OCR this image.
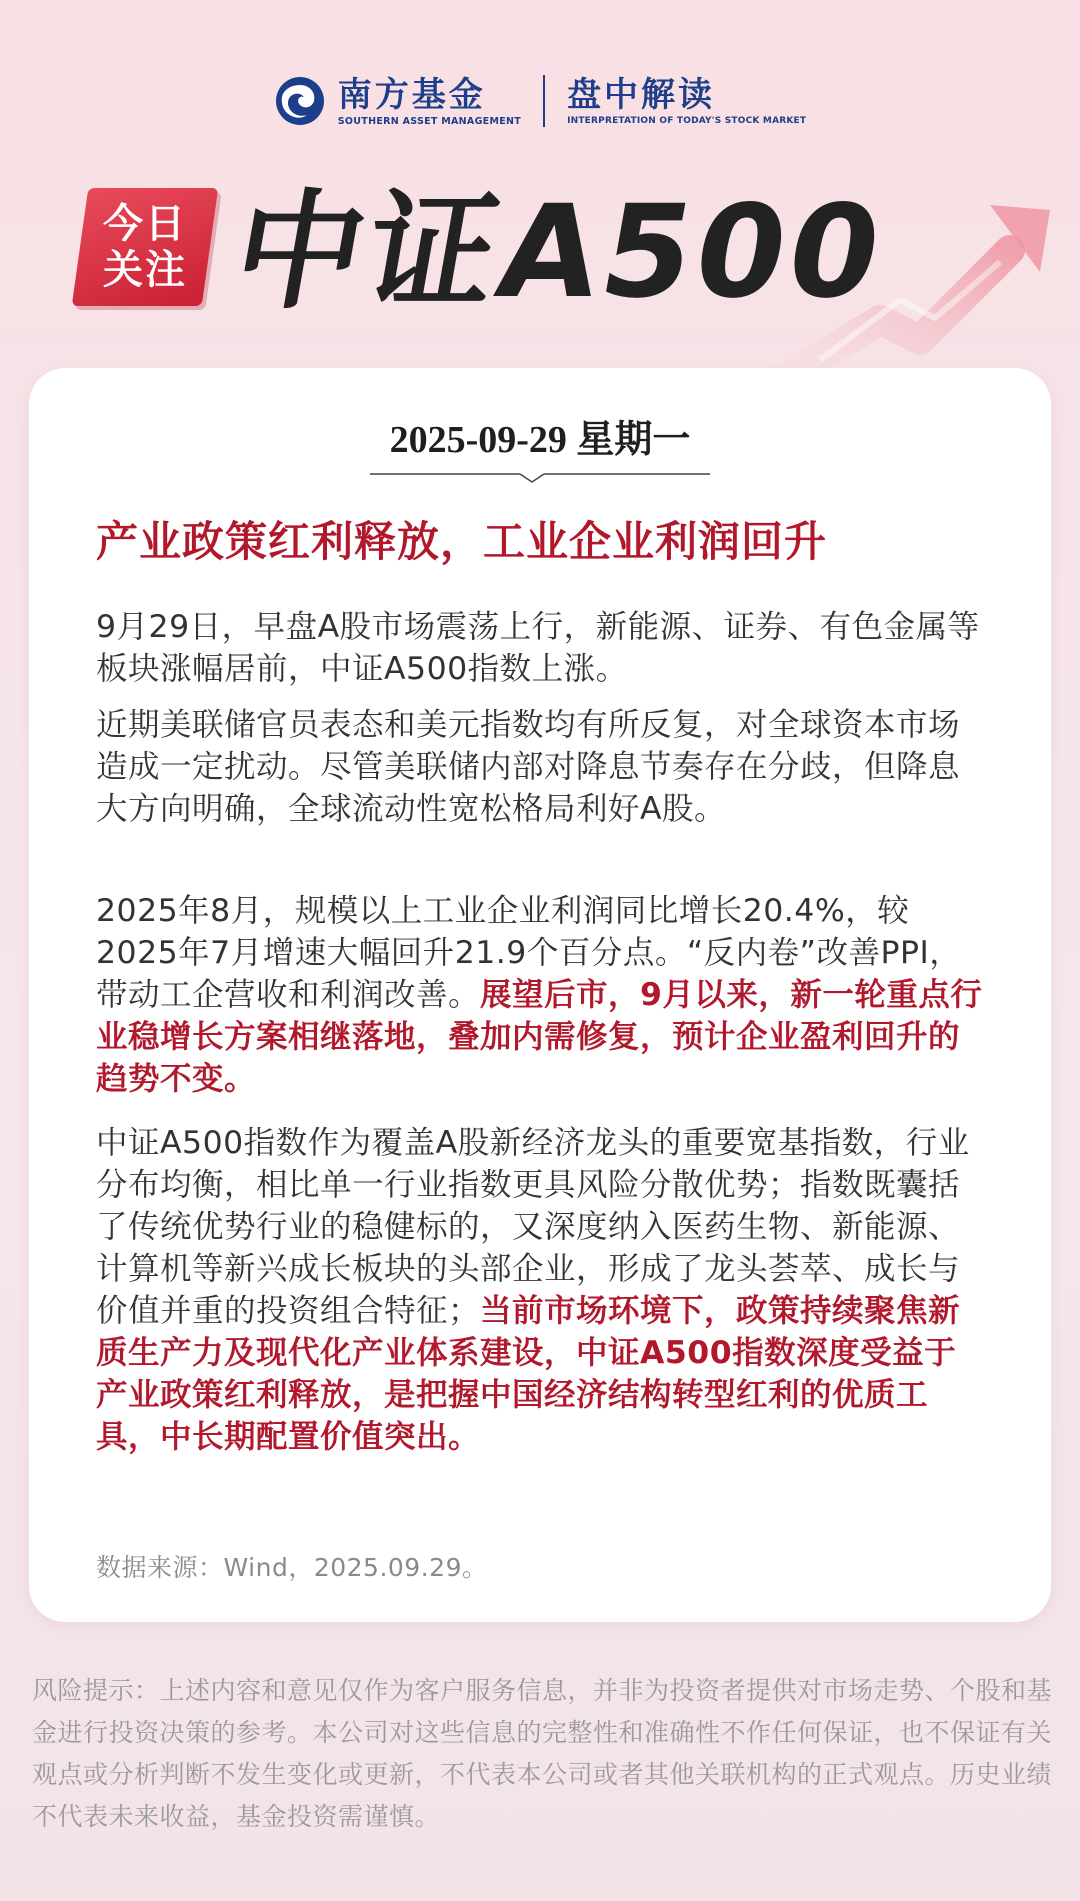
南方基金
SOUTHERN ASSET MANAGEMENT
盘中解读
INTERPRETATION OF TODAY'S STOCK MARKET
今日
关注 中证A500
2025-09-29 星期一
产业政策红利释放，工业企业利润回升

9月29日，早盘A股市场震荡上行，新能源、证券、有色金属等板块涨幅居前，中证A500指数上涨。

近期美联储官员表态和美元指数均有所反复，对全球资本市场造成一定扰动。尽管美联储内部对降息节奏存在分歧，但降息大方向明确，全球流动性宽松格局利好A股。

2025年8月，规模以上工业企业利润同比增长20.4%，较2025年7月增速大幅回升21.9个百分点。“反内卷”改善PPI，带动工企营收和利润改善。展望后市，9月以来，新一轮重点行业稳增长方案相继落地，叠加内需修复，预计企业盈利回升的趋势不变。

中证A500指数作为覆盖A股新经济龙头的重要宽基指数，行业分布均衡，相比单一行业指数更具风险分散优势；指数既囊括了传统优势行业的稳健标的，又深度纳入医药生物、新能源、计算机等新兴成长板块的头部企业，形成了龙头荟萃、成长与价值并重的投资组合特征；当前市场环境下，政策持续聚焦新质生产力及现代化产业体系建设，中证A500指数深度受益于产业政策红利释放，是把握中国经济结构转型红利的优质工具，中长期配置价值突出。

数据来源：Wind，2025.09.29。
风险提示：上述内容和意见仅作为客户服务信息，并非为投资者提供对市场走势、个股和基金进行投资决策的参考。本公司对这些信息的完整性和准确性不作任何保证，也不保证有关观点或分析判断不发生变化或更新，不代表本公司或者其他关联机构的正式观点。历史业绩不代表未来收益，基金投资需谨慎。
